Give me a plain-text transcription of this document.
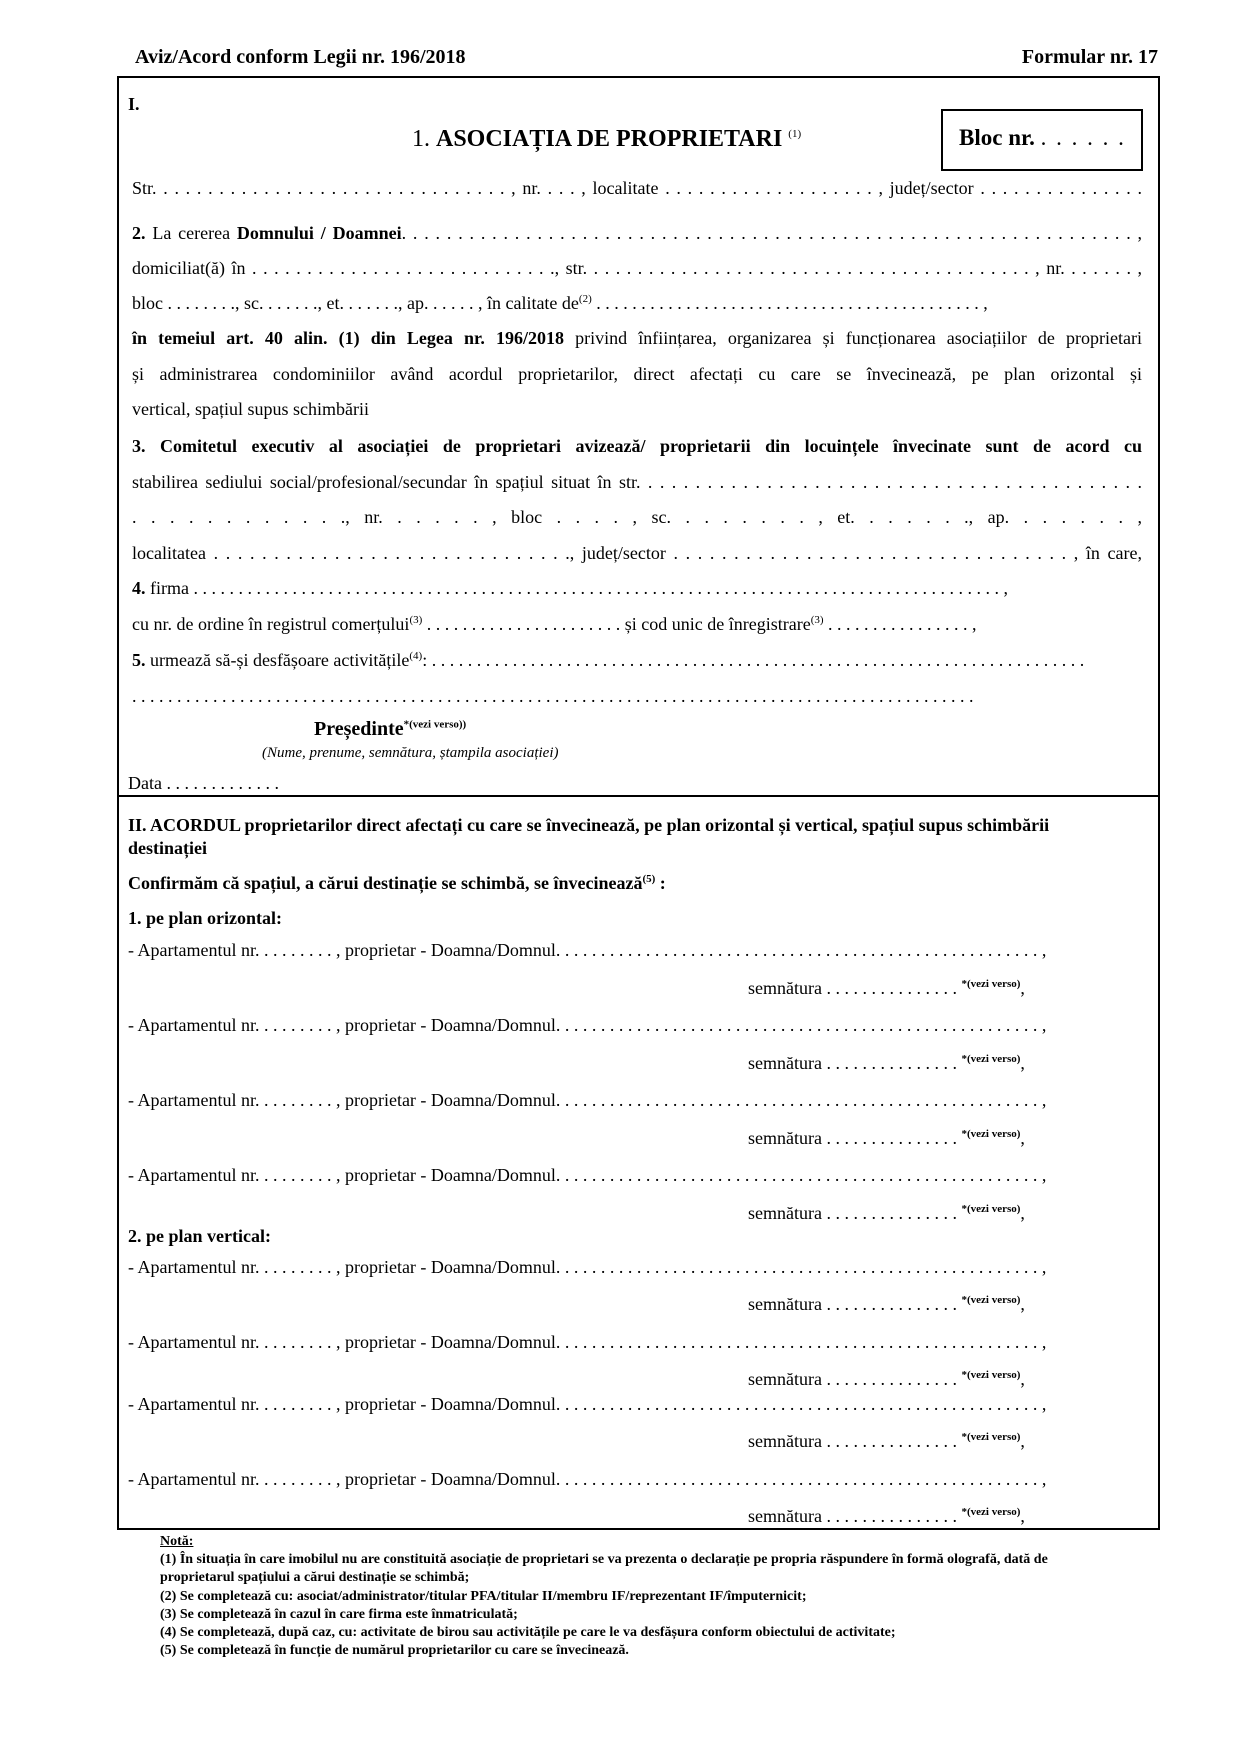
Aviz/Acord conform Legii nr. 196/2018	Formular nr. 17
I.
1. ASOCIAȚIA DE PROPRIETARI $^{(1)}$	Bloc nr. . . . . . .
Str. . . . . . . . . . . . . . . . . . . . . . . . . . . . . . . . , nr. . . . , localitate . . . . . . . . . . . . . . . . . . . , județ/sector . . . . . . . . . . . . . . .
2. La cererea Domnului / Doamnei. . . . . . . . . . . . . . . . . . . . . . . . . . . . . . . . . . . . . . . . . . . . . . . . . . . . . . . . . . . . . . . . . ,
domiciliat(ă) în . . . . . . . . . . . . . . . . . . . . . . . . . . . ., str. . . . . . . . . . . . . . . . . . . . . . . . . . . . . . . . . . . . . . . . . , nr. . . . . . . ,
bloc . . . . . . . ., sc. . . . . . ., et. . . . . . ., ap. . . . . . , în calitate $de^{(2)}$ . . . . . . . . . . . . . . . . . . . . . . . . . . . . . . . . . . . . . . . . . . . ,
în temeiul art. 40 alin. (1) din Legea nr. 196/2018 privind înființarea, organizarea și funcționarea asociațiilor de proprietari
și administrarea condominiilor având acordul proprietarilor, direct afectați cu care se învecinează, pe plan orizontal și
vertical, spațiul supus schimbării
3. Comitetul executiv al asociației de proprietari avizează/ proprietarii din locuințele învecinate sunt de acord cu
stabilirea sediului social/profesional/secundar în spațiul situat în str. . . . . . . . . . . . . . . . . . . . . . . . . . . . . . . . . . . . . . . . . . .
. . . . . . . . . . . ., nr. . . . . . , bloc . . . . , sc. . . . . . . . , et. . . . . . ., ap. . . . . . . ,
localitatea . . . . . . . . . . . . . . . . . . . . . . . . . . . . . ., județ/sector . . . . . . . . . . . . . . . . . . . . . . . . . . . . . . . . . , în care,
4. firma . . . . . . . . . . . . . . . . . . . . . . . . . . . . . . . . . . . . . . . . . . . . . . . . . . . . . . . . . . . . . . . . . . . . . . . . . . . . . . . . . . . . . . . . . . ,
cu nr. de ordine în registrul comerțului$^{(3)}$ . . . . . . . . . . . . . . . . . . . . . . și cod unic de înregistrare$^{(3)}$ . . . . . . . . . . . . . . . . ,
5. urmează să-și desfășoare activitățile$^{(4)}$: . . . . . . . . . . . . . . . . . . . . . . . . . . . . . . . . . . . . . . . . . . . . . . . . . . . . . . . . . . . . . . . . . . . . . . . . .
. . . . . . . . . . . . . . . . . . . . . . . . . . . . . . . . . . . . . . . . . . . . . . . . . . . . . . . . . . . . . . . . . . . . . . . . . . . . . . . . . . . . . . . . . . . . . .
Președinte$^{*(vezi verso))}$
(Nume, prenume, semnătura, ștampila asociației)
Data . . . . . . . . . . . . .
II. ACORDUL proprietarilor direct afectați cu care se învecinează, pe plan orizontal și vertical, spațiul supus schimbării destinației
Confirmăm că spațiul, a cărui destinație se schimbă, se învecinează$^{(5)}$ :
1. pe plan orizontal:
- Apartamentul nr. . . . . . . . . , proprietar - Doamna/Domnul. . . . . . . . . . . . . . . . . . . . . . . . . . . . . . . . . . . . . . . . . . . . . . . . . . . . . . ,
semnătura . . . . . . . . . . . . . . . $^{*(vezi verso)}$,
- Apartamentul nr. . . . . . . . . , proprietar - Doamna/Domnul. . . . . . . . . . . . . . . . . . . . . . . . . . . . . . . . . . . . . . . . . . . . . . . . . . . . . . ,
semnătura . . . . . . . . . . . . . . . $^{*(vezi verso)}$,
- Apartamentul nr. . . . . . . . . , proprietar - Doamna/Domnul. . . . . . . . . . . . . . . . . . . . . . . . . . . . . . . . . . . . . . . . . . . . . . . . . . . . . . ,
semnătura . . . . . . . . . . . . . . . $^{*(vezi verso)}$,
- Apartamentul nr. . . . . . . . . , proprietar - Doamna/Domnul. . . . . . . . . . . . . . . . . . . . . . . . . . . . . . . . . . . . . . . . . . . . . . . . . . . . . . ,
semnătura . . . . . . . . . . . . . . . $^{*(vezi verso)}$,
2. pe plan vertical:
- Apartamentul nr. . . . . . . . . , proprietar - Doamna/Domnul. . . . . . . . . . . . . . . . . . . . . . . . . . . . . . . . . . . . . . . . . . . . . . . . . . . . . . ,
semnătura . . . . . . . . . . . . . . . $^{*(vezi verso)}$,
- Apartamentul nr. . . . . . . . . , proprietar - Doamna/Domnul. . . . . . . . . . . . . . . . . . . . . . . . . . . . . . . . . . . . . . . . . . . . . . . . . . . . . . ,
semnătura . . . . . . . . . . . . . . . $^{*(vezi verso)}$,
- Apartamentul nr. . . . . . . . . , proprietar - Doamna/Domnul. . . . . . . . . . . . . . . . . . . . . . . . . . . . . . . . . . . . . . . . . . . . . . . . . . . . . . ,
semnătura . . . . . . . . . . . . . . . $^{*(vezi verso)}$,
- Apartamentul nr. . . . . . . . . , proprietar - Doamna/Domnul. . . . . . . . . . . . . . . . . . . . . . . . . . . . . . . . . . . . . . . . . . . . . . . . . . . . . . ,
semnătura . . . . . . . . . . . . . . . $^{*(vezi verso)}$,
Notă:
(1) În situația în care imobilul nu are constituită asociație de proprietari se va prezenta o declarație pe propria răspundere în formă olografă, dată de proprietarul spațiului a cărui destinație se schimbă;
(2) Se completează cu: asociat/administrator/titular PFA/titular II/membru IF/reprezentant IF/împuternicit;
(3) Se completează în cazul în care firma este înmatriculată;
(4) Se completează, după caz, cu: activitate de birou sau activitățile pe care le va desfășura conform obiectului de activitate;
(5) Se completează în funcție de numărul proprietarilor cu care se învecinează.
